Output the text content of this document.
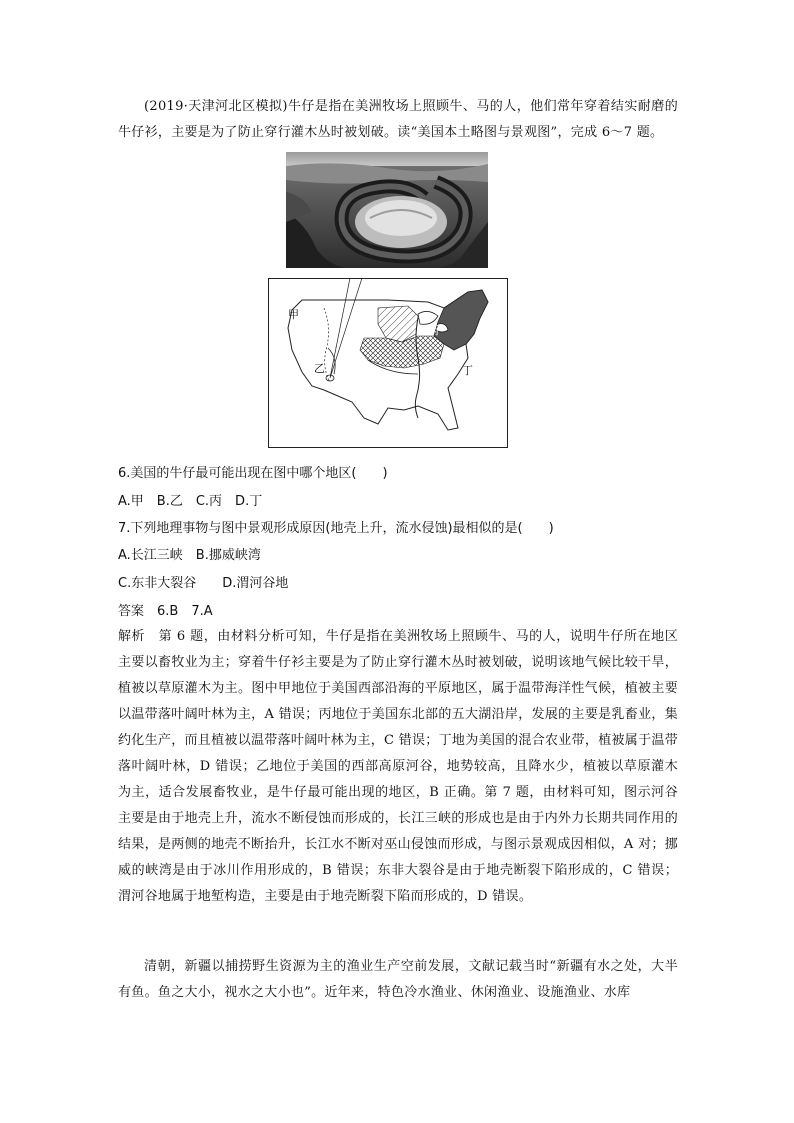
(2019·天津河北区模拟)牛仔是指在美洲牧场上照顾牛、马的人，他们常年穿着结实耐磨的牛仔衫，主要是为了防止穿行灌木丛时被划破。读“美国本土略图与景观图”，完成 6～7 题。
甲
乙
丙
丁
6.美国的牛仔最可能出现在图中哪个地区(　　)
A.甲　B.乙　C.丙　D.丁
7.下列地理事物与图中景观形成原因(地壳上升，流水侵蚀)最相似的是(　　)
A.长江三峡　B.挪威峡湾
C.东非大裂谷　　D.渭河谷地
答案　6.B　7.A
解析　第 6 题，由材料分析可知，牛仔是指在美洲牧场上照顾牛、马的人，说明牛仔所在地区主要以畜牧业为主；穿着牛仔衫主要是为了防止穿行灌木丛时被划破，说明该地气候比较干旱，植被以草原灌木为主。图中甲地位于美国西部沿海的平原地区，属于温带海洋性气候，植被主要以温带落叶阔叶林为主，A 错误；丙地位于美国东北部的五大湖沿岸，发展的主要是乳畜业，集约化生产，而且植被以温带落叶阔叶林为主，C 错误；丁地为美国的混合农业带，植被属于温带落叶阔叶林，D 错误；乙地位于美国的西部高原河谷，地势较高，且降水少，植被以草原灌木为主，适合发展畜牧业，是牛仔最可能出现的地区，B 正确。第 7 题，由材料可知，图示河谷主要是由于地壳上升，流水不断侵蚀而形成的，长江三峡的形成也是由于内外力长期共同作用的结果，是两侧的地壳不断抬升，长江水不断对巫山侵蚀而形成，与图示景观成因相似，A 对；挪威的峡湾是由于冰川作用形成的，B 错误；东非大裂谷是由于地壳断裂下陷形成的，C 错误；渭河谷地属于地堑构造，主要是由于地壳断裂下陷而形成的，D 错误。
清朝，新疆以捕捞野生资源为主的渔业生产空前发展，文献记载当时“新疆有水之处，大半有鱼。鱼之大小，视水之大小也”。近年来，特色冷水渔业、休闲渔业、设施渔业、水库
